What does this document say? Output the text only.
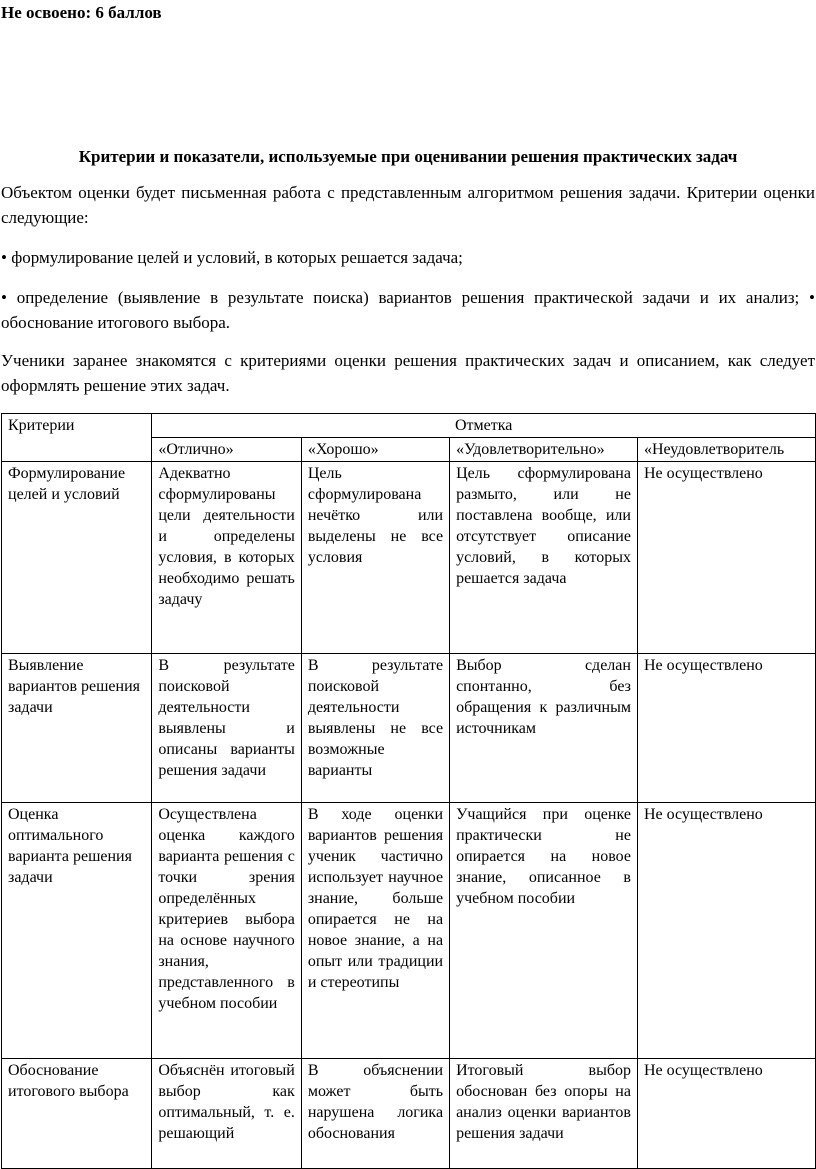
Не освоено: 6 баллов
Критерии и показатели, используемые при оценивании решения практических задач
Объектом оценки будет письменная работа с представленным алгоритмом решения задачи. Критерии оценки следующие:
• формулирование целей и условий, в которых решается задача;
• определение (выявление в результате поиска) вариантов решения практической задачи и их анализ; • обоснование итогового выбора.
Ученики заранее знакомятся с критериями оценки решения практических задач и описанием, как следует оформлять решение этих задач.
Критерии	Отметка			
	«Отлично»	«Хорошо»	«Удовлетворительно»	«Неудовлетворитель
Формулирование целей и условий	Адекватно сформулированы цели деятельности и определены условия, в которых необходимо решать задачу	Цель сформулирована нечётко или выделены не все условия	Цель сформулирована размыто, или не поставлена вообще, или отсутствует описание условий, в которых решается задача	Не осуществлено
Выявление вариантов решения задачи	В результате поисковой деятельности выявлены и описаны варианты решения задачи	В результате поисковой деятельности выявлены не все возможные варианты	Выбор сделан спонтанно, без обращения к различным источникам	Не осуществлено
Оценка оптимального варианта решения задачи	Осуществлена оценка каждого варианта решения с точки зрения определённых критериев выбора на основе научного знания, представленного в учебном пособии	В ходе оценки вариантов решения ученик частично использует научное знание, больше опирается не на новое знание, а на опыт или традиции и стереотипы	Учащийся при оценке практически не опирается на новое знание, описанное в учебном пособии	Не осуществлено
Обоснование итогового выбора	Объяснён итоговый выбор как оптимальный, т. е. решающий	В объяснении может быть нарушена логика обоснования	Итоговый выбор обоснован без опоры на анализ оценки вариантов решения задачи	Не осуществлено
